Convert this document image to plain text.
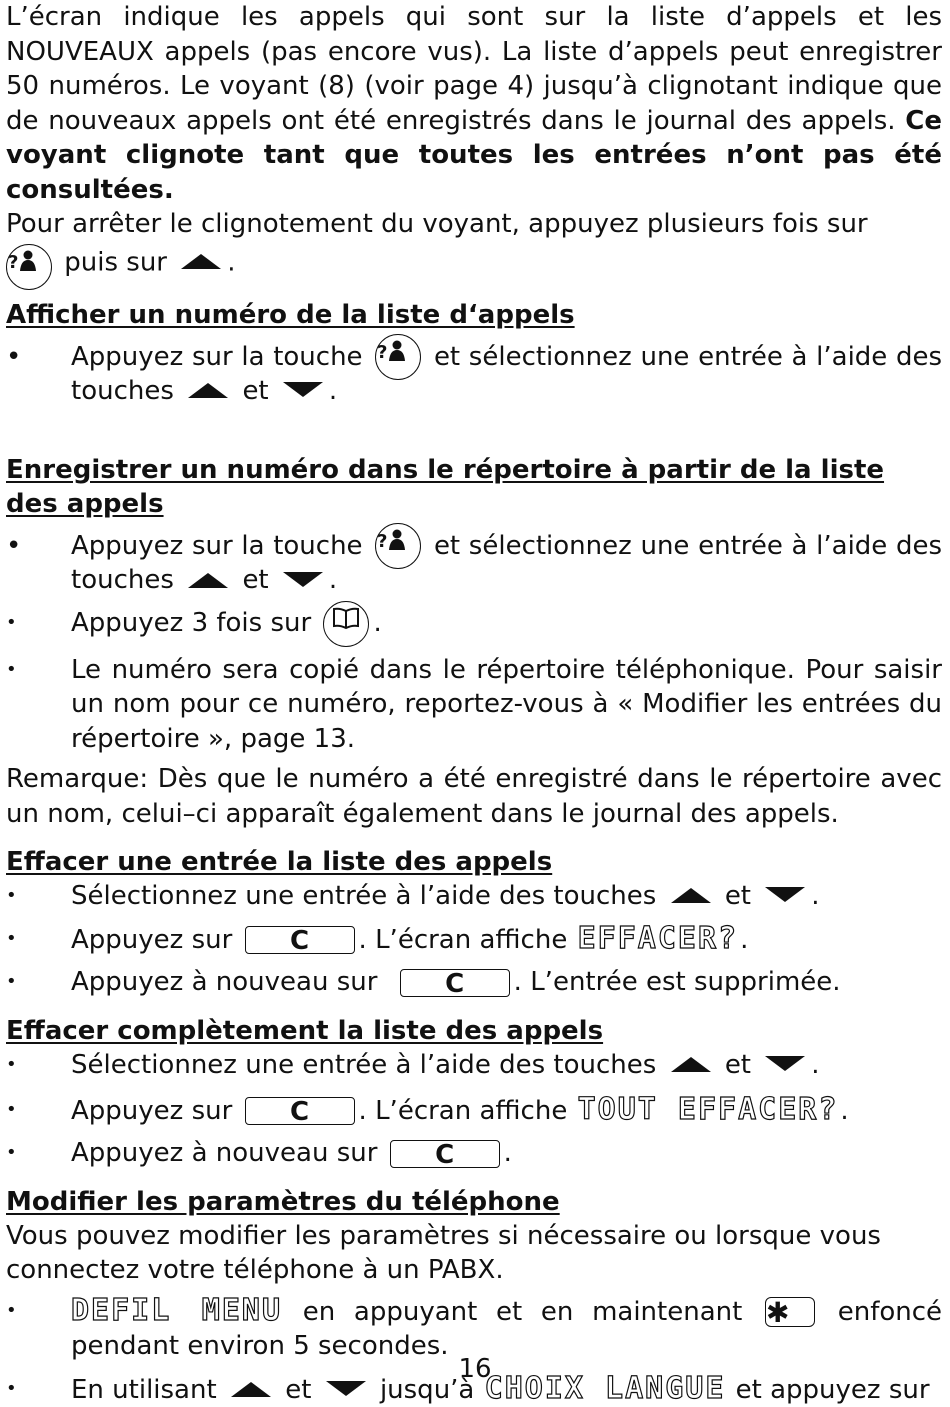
L’écran indique les appels qui sont sur la liste d’appels et les NOUVEAUX appels (pas encore vus). La liste d’appels peut enregistrer 50 numéros. Le voyant (8) (voir page 4) jusqu’à clignotant indique que de nouveaux appels ont été enregistrés dans le journal des appels. Ce voyant clignote tant que toutes les entrées n’ont pas été consultées.

Pour arrêter le clignotement du voyant, appuyez plusieurs fois sur

? puis sur .

Afficher un numéro de la liste d‘appels
• Appuyez sur la touche ? et sélectionnez une entrée à l’aide des touches	et .
Enregistrer un numéro dans le répertoire à partir de la liste des appels
• Appuyez sur la touche ? et sélectionnez une entrée à l’aide des touches	et .
•	Appuyez 3 fois sur .
•	Le numéro sera copié dans le répertoire téléphonique. Pour saisir un nom pour ce numéro, reportez-vous à « Modifier les entrées du répertoire », page 13.

Remarque: Dès que le numéro a été enregistré dans le répertoire avec un nom, celui–ci apparaît également dans le journal des appels.

Effacer une entrée la liste des appels
•	Sélectionnez une entrée à l’aide des touches	et .
•	Appuyez sur C . L’écran affiche EFFACER?.
•	Appuyez à nouveau sur	C . L’entrée est supprimée.
Effacer complètement la liste des appels
•	Sélectionnez une entrée à l’aide des touches	et .
•	Appuyez sur C . L’écran affiche TOUT EFFACER?.
•	Appuyez à nouveau sur C .
Modifier les paramètres du téléphone

Vous pouvez modifier les paramètres si nécessaire ou lorsque vous connectez votre téléphone à un PABX.

•	DEFIL MENU en appuyant et en maintenant ✱ enfoncé pendant environ 5 secondes.
•	En utilisant	et	jusqu’à CHOIX LANGUE et appuyez sur
16
